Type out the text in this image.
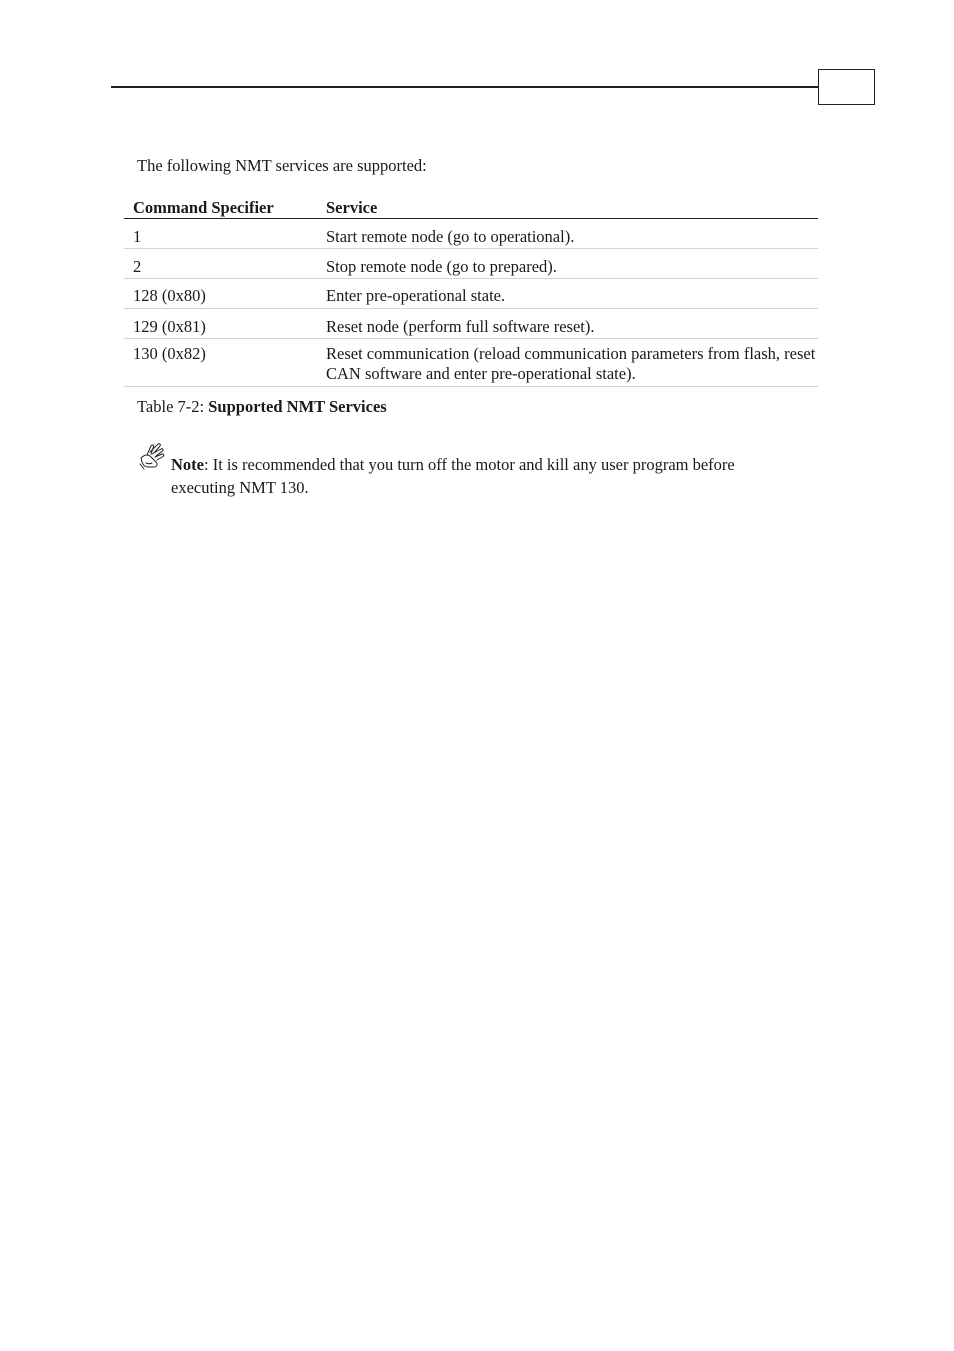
The following NMT services are supported:
Command Specifier	Service
1	Start remote node (go to operational).
2	Stop remote node (go to prepared).
128 (0x80)	Enter pre-operational state.
129 (0x81)	Reset node (perform full software reset).
130 (0x82)	Reset communication (reload communication parameters from flash, reset CAN software and enter pre-operational state).
Table 7-2: Supported NMT Services
Note: It is recommended that you turn off the motor and kill any user program before executing NMT 130.
